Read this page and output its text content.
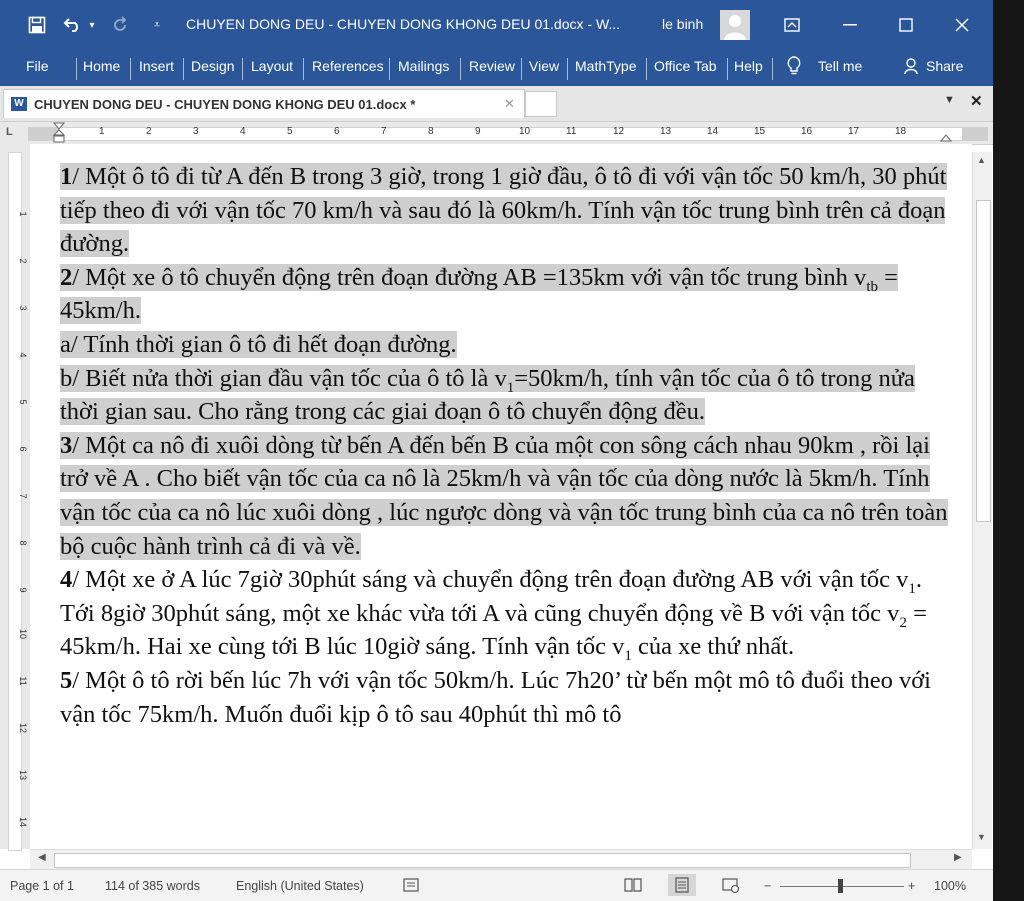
▾	⩡ CHUYEN DONG DEU - CHUYEN DONG KHONG DEU 01.docx - W...	le binh
File Home Insert Design Layout References Mailings Review View MathType Office Tab Help	Tell me	Share
W CHUYEN DONG DEU - CHUYEN DONG KHONG DEU 01.docx *	✕	▼ ✕
L	1	2	3	4	5	6	7	8	9	10	11	12	13	14	15	16	17	18
1
2
3
4
5
6
7
8
9
10
11
12
13
14

1/ Một ô tô đi từ A đến B trong 3 giờ, trong 1 giờ đầu, ô tô đi với vận tốc 50 km/h, 30 phút tiếp theo đi với vận tốc 70 km/h và sau đó là 60km/h. Tính vận tốc trung bình trên cả đoạn đường.

2/ Một xe ô tô chuyển động trên đoạn đường AB =135km với vận tốc trung bình $v_{tb} = 45km/h$.

a/ Tính thời gian ô tô đi hết đoạn đường.

b/ Biết nửa thời gian đầu vận tốc của ô tô là $v_1=50km/h$, tính vận tốc của ô tô trong nửa thời gian sau. Cho rằng trong các giai đoạn ô tô chuyển động đều.

3/ Một ca nô đi xuôi dòng từ bến A đến bến B của một con sông cách nhau 90km , rồi lại trở về A . Cho biết vận tốc của ca nô là 25km/h và vận tốc của dòng nước là 5km/h. Tính vận tốc của ca nô lúc xuôi dòng , lúc ngược dòng và vận tốc trung bình của ca nô trên toàn bộ cuộc hành trình cả đi và về.

4/ Một xe ở A lúc 7giờ 30phút sáng và chuyển động trên đoạn đường AB với vận tốc $v_1$. Tới 8giờ 30phút sáng, một xe khác vừa tới A và cũng chuyển động về B với vận tốc $v_2 = 45km/h$. Hai xe cùng tới B lúc 10giờ sáng. Tính vận tốc $v_1$ của xe thứ nhất.

5/ Một ô tô rời bến lúc 7h với vận tốc 50km/h. Lúc 7h20’ từ bến một mô tô đuổi theo với vận tốc 75km/h. Muốn đuổi kịp ô tô sau 40phút thì mô tô

▲
▼
◀	▶
Page 1 of 1 114 of 385 words	English (United States)	−	+ 100%
